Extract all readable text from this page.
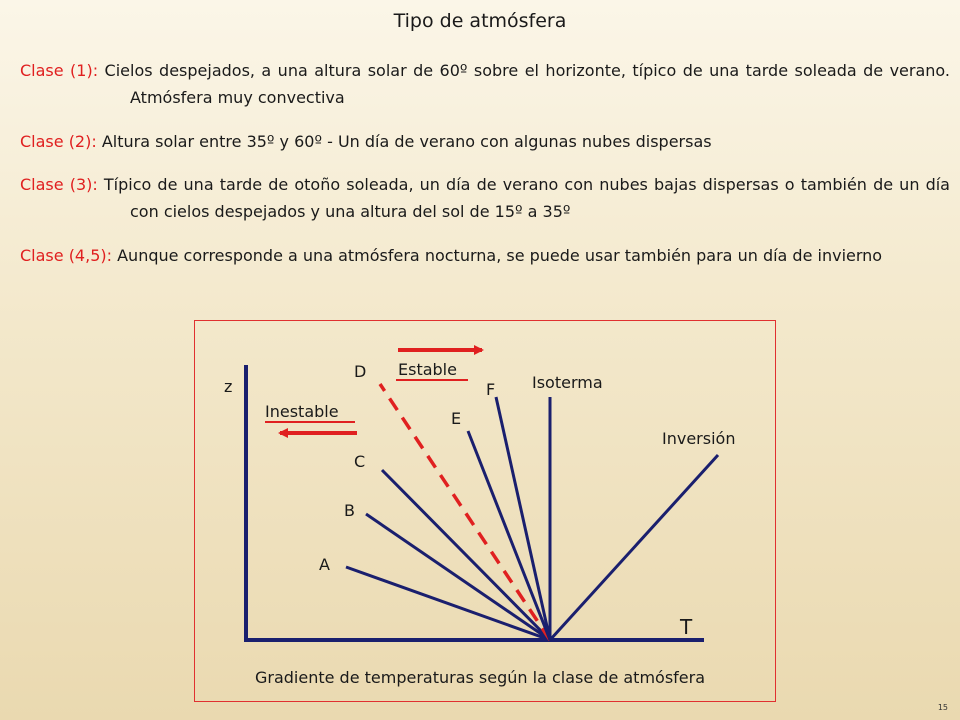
Tipo de atmósfera
Clase (1): Cielos despejados, a una altura solar de 60º sobre el horizonte, típico de una tarde soleada de verano. Atmósfera muy convectiva
Clase (2): Altura solar entre 35º y 60º - Un día de verano con algunas nubes dispersas
Clase (3): Típico de una tarde de otoño soleada, un día de verano con nubes bajas dispersas o también de un día con cielos despejados y una altura del sol de 15º a 35º
Clase (4,5): Aunque corresponde a una atmósfera nocturna, se puede usar también para un día de invierno
z
T
A
B
C
D
E
F Isoterma
Inversión
Estable
Inestable
Gradiente de temperaturas según la clase de atmósfera
15
